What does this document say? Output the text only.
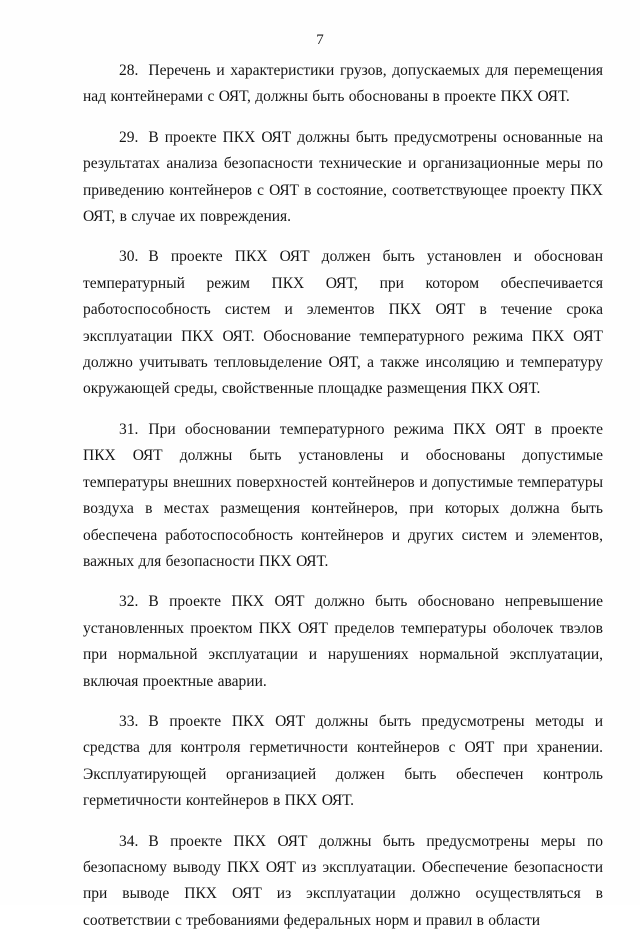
7

28. Перечень и характеристики грузов, допускаемых для перемещения над контейнерами с ОЯТ, должны быть обоснованы в проекте ПКХ ОЯТ.

29. В проекте ПКХ ОЯТ должны быть предусмотрены основанные на результатах анализа безопасности технические и организационные меры по приведению контейнеров с ОЯТ в состояние, соответствующее проекту ПКХ ОЯТ, в случае их повреждения.

30. В проекте ПКХ ОЯТ должен быть установлен и обоснован температурный режим ПКХ ОЯТ, при котором обеспечивается работоспособность систем и элементов ПКХ ОЯТ в течение срока эксплуатации ПКХ ОЯТ. Обоснование температурного режима ПКХ ОЯТ должно учитывать тепловыделение ОЯТ, а также инсоляцию и температуру окружающей среды, свойственные площадке размещения ПКХ ОЯТ.

31. При обосновании температурного режима ПКХ ОЯТ в проекте ПКХ ОЯТ должны быть установлены и обоснованы допустимые температуры внешних поверхностей контейнеров и допустимые температуры воздуха в местах размещения контейнеров, при которых должна быть обеспечена работоспособность контейнеров и других систем и элементов, важных для безопасности ПКХ ОЯТ.

32. В проекте ПКХ ОЯТ должно быть обосновано непревышение установленных проектом ПКХ ОЯТ пределов температуры оболочек твэлов при нормальной эксплуатации и нарушениях нормальной эксплуатации, включая проектные аварии.

33. В проекте ПКХ ОЯТ должны быть предусмотрены методы и средства для контроля герметичности контейнеров с ОЯТ при хранении. Эксплуатирующей организацией должен быть обеспечен контроль герметичности контейнеров в ПКХ ОЯТ.

34. В проекте ПКХ ОЯТ должны быть предусмотрены меры по безопасному выводу ПКХ ОЯТ из эксплуатации. Обеспечение безопасности при выводе ПКХ ОЯТ из эксплуатации должно осуществляться в соответствии с требованиями федеральных норм и правил в области
